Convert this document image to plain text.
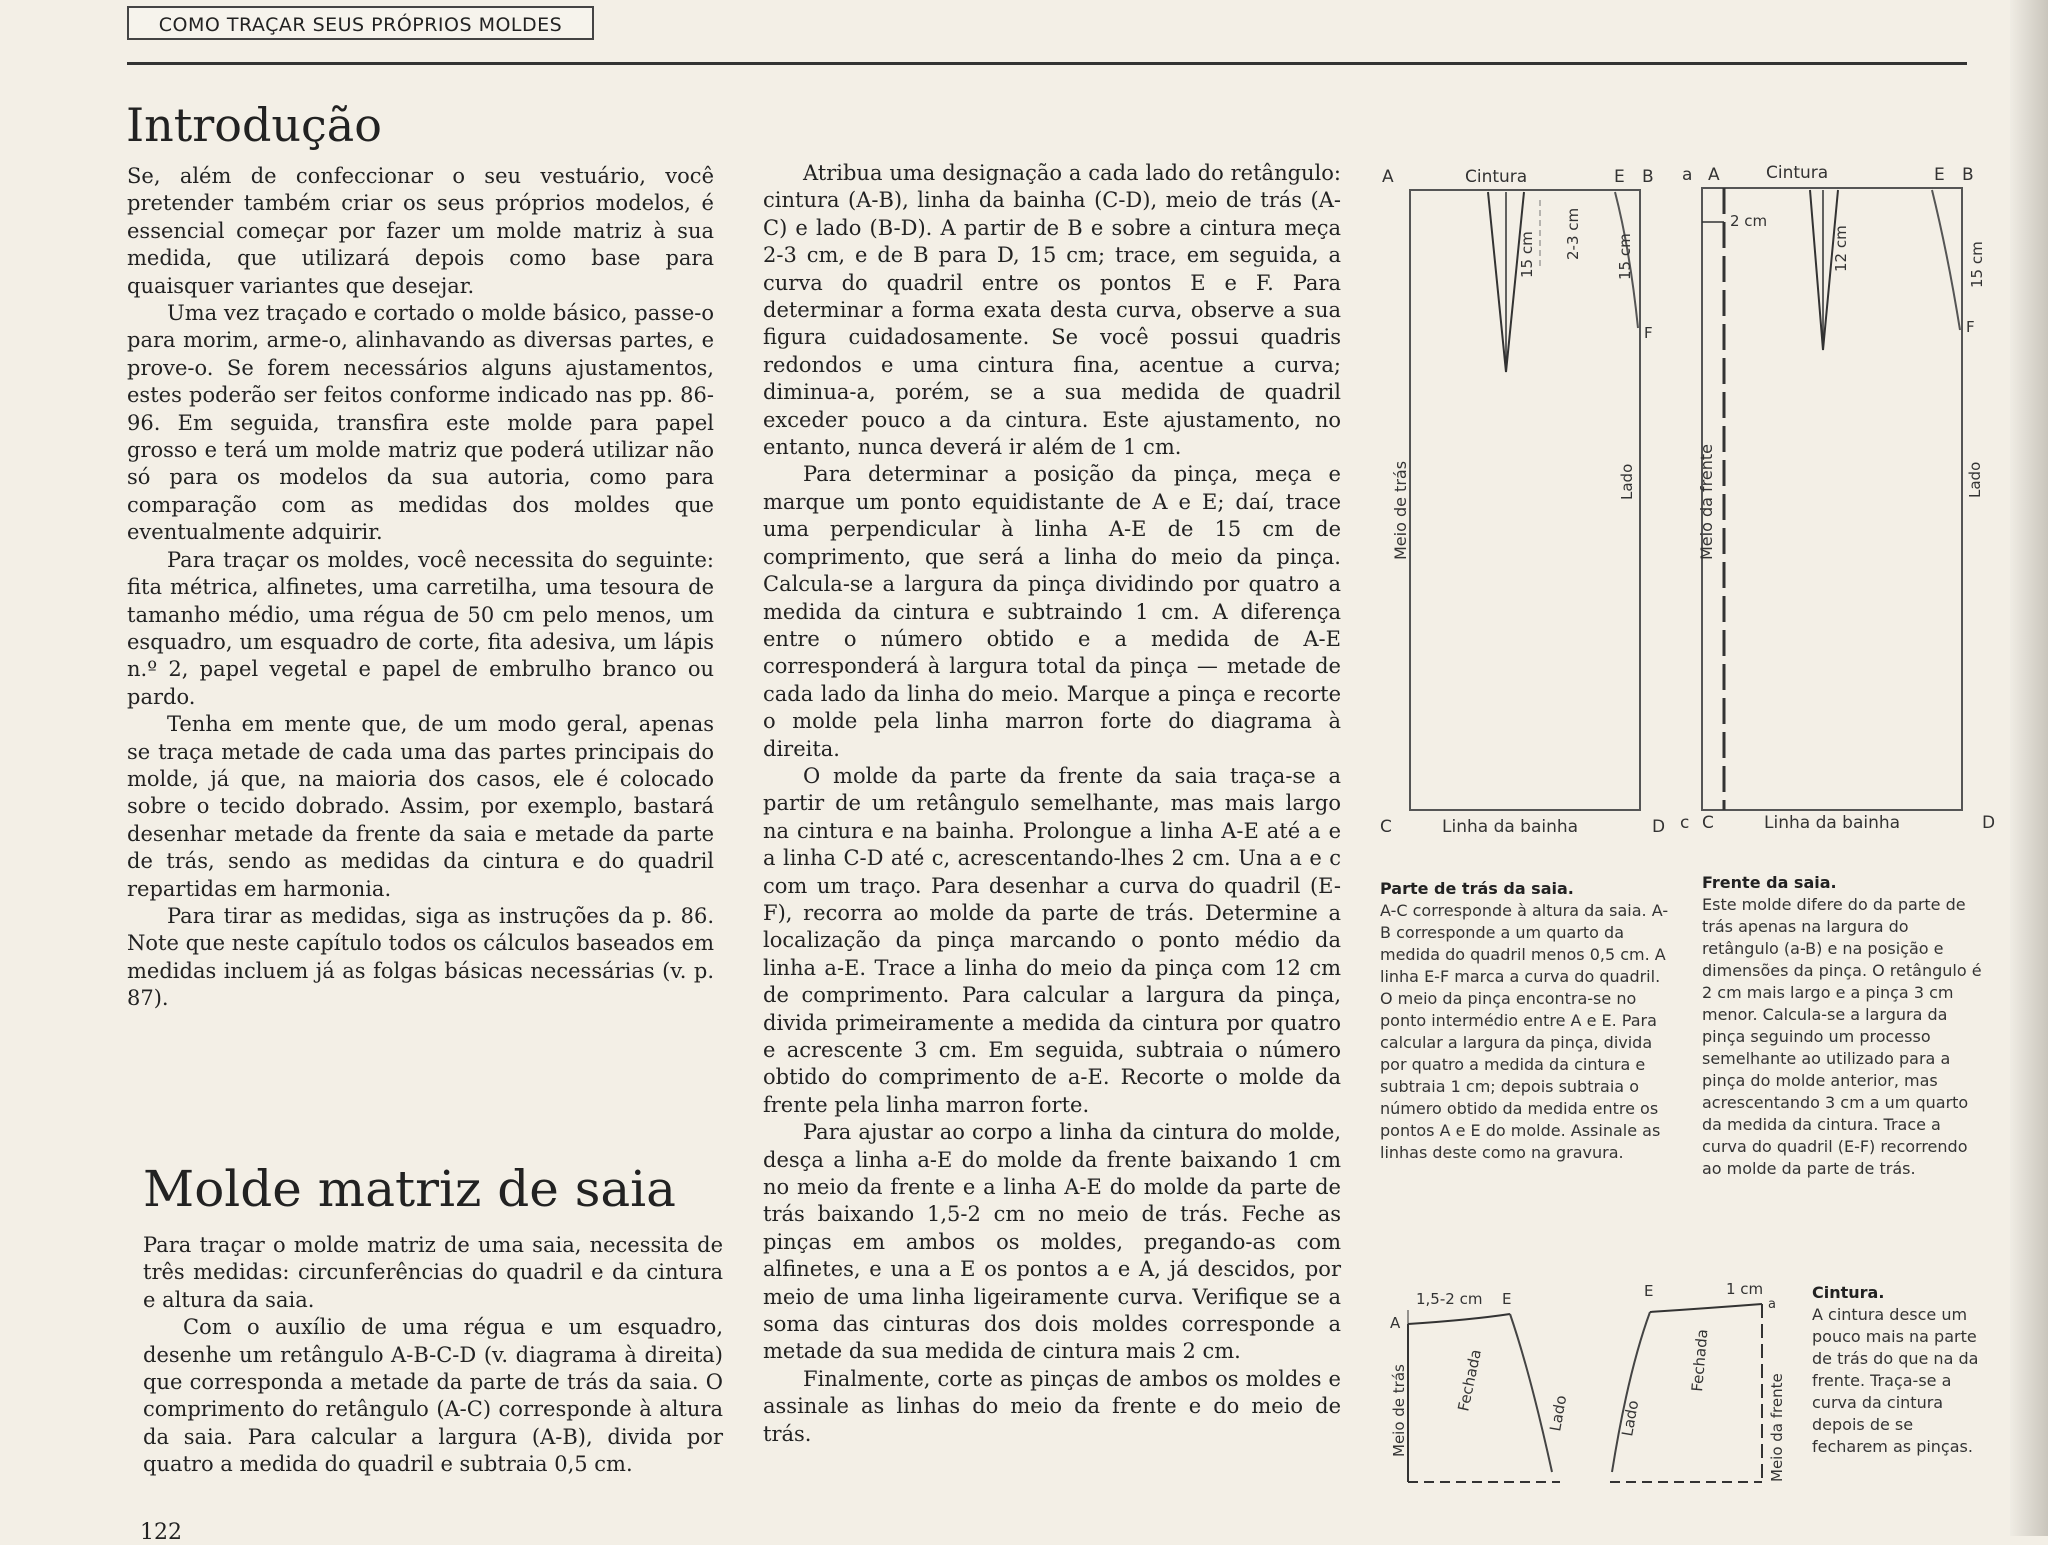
COMO TRAÇAR SEUS PRÓPRIOS MOLDES
Introdução

Se, além de confeccionar o seu vestuário, você pretender também criar os seus próprios modelos, é essencial começar por fazer um molde matriz à sua medida, que utilizará depois como base para quaisquer variantes que desejar.

Uma vez traçado e cortado o molde básico, passe-o para morim, arme-o, alinhavando as diversas partes, e prove-o. Se forem necessários alguns ajustamentos, estes poderão ser feitos conforme indicado nas pp. 86-96. Em seguida, transfira este molde para papel grosso e terá um molde matriz que poderá utilizar não só para os modelos da sua autoria, como para comparação com as medidas dos moldes que eventualmente adquirir.

Para traçar os moldes, você necessita do seguinte: fita métrica, alfinetes, uma carretilha, uma tesoura de tamanho médio, uma régua de 50 cm pelo menos, um esquadro, um esquadro de corte, fita adesiva, um lápis n.º 2, papel vegetal e papel de embrulho branco ou pardo.

Tenha em mente que, de um modo geral, apenas se traça metade de cada uma das partes principais do molde, já que, na maioria dos casos, ele é colocado sobre o tecido dobrado. Assim, por exemplo, bastará desenhar metade da frente da saia e metade da parte de trás, sendo as medidas da cintura e do quadril repartidas em harmonia.

Para tirar as medidas, siga as instruções da p. 86. Note que neste capítulo todos os cálculos baseados em medidas incluem já as folgas básicas necessárias (v. p. 87).

Molde matriz de saia

Para traçar o molde matriz de uma saia, necessita de três medidas: circunferências do quadril e da cintura e altura da saia.

Com o auxílio de uma régua e um esquadro, desenhe um retângulo A-B-C-D (v. diagrama à direita) que corresponda a metade da parte de trás da saia. O comprimento do retângulo (A-C) corresponde à altura da saia. Para calcular a largura (A-B), divida por quatro a medida do quadril e subtraia 0,5 cm.

Atribua uma designação a cada lado do retângulo: cintura (A-B), linha da bainha (C-D), meio de trás (A-C) e lado (B-D). A partir de B e sobre a cintura meça 2-3 cm, e de B para D, 15 cm; trace, em seguida, a curva do quadril entre os pontos E e F. Para determinar a forma exata desta curva, observe a sua figura cuidadosamente. Se você possui quadris redondos e uma cintura fina, acentue a curva; diminua-a, porém, se a sua medida de quadril exceder pouco a da cintura. Este ajustamento, no entanto, nunca deverá ir além de 1 cm.

Para determinar a posição da pinça, meça e marque um ponto equidistante de A e E; daí, trace uma perpendicular à linha A-E de 15 cm de comprimento, que será a linha do meio da pinça. Calcula-se a largura da pinça dividindo por quatro a medida da cintura e subtraindo 1 cm. A diferença entre o número obtido e a medida de A-E corresponderá à largura total da pinça — metade de cada lado da linha do meio. Marque a pinça e recorte o molde pela linha marron forte do diagrama à direita.

O molde da parte da frente da saia traça-se a partir de um retângulo semelhante, mas mais largo na cintura e na bainha. Prolongue a linha A-E até a e a linha C-D até c, acrescentando-lhes 2 cm. Una a e c com um traço. Para desenhar a curva do quadril (E-F), recorra ao molde da parte de trás. Determine a localização da pinça marcando o ponto médio da linha a-E. Trace a linha do meio da pinça com 12 cm de comprimento. Para calcular a largura da pinça, divida primeiramente a medida da cintura por quatro e acrescente 3 cm. Em seguida, subtraia o número obtido do comprimento de a-E. Recorte o molde da frente pela linha marron forte.

Para ajustar ao corpo a linha da cintura do molde, desça a linha a-E do molde da frente baixando 1 cm no meio da frente e a linha A-E do molde da parte de trás baixando 1,5-2 cm no meio de trás. Feche as pinças em ambos os moldes, pregando-as com alfinetes, e una a E os pontos a e A, já descidos, por meio de uma linha ligeiramente curva. Verifique se a soma das cinturas dos dois moldes corresponde a metade da sua medida de cintura mais 2 cm.

Finalmente, corte as pinças de ambos os moldes e assinale as linhas do meio da frente e do meio de trás.

A	Cintura	E B
F
C	Linha da bainha	D
15 cm 2-3 cm 15 cm
Meio de trás	Lado
a A	Cintura	E B
2 cm
F
c C	Linha da bainha	D
12 cm	15 cm
Meio da frente	Lado
Parte de trás da saia.
A-C corresponde à altura da saia. A-B corresponde a um quarto da medida do quadril menos 0,5 cm. A linha E-F marca a curva do quadril. O meio da pinça encontra-se no ponto intermédio entre A e E. Para calcular a largura da pinça, divida por quatro a medida da cintura e subtraia 1 cm; depois subtraia o número obtido da medida entre os pontos A e E do molde. Assinale as linhas deste como na gravura.
Frente da saia.
Este molde difere do da parte de trás apenas na largura do retângulo (a-B) e na posição e dimensões da pinça. O retângulo é 2 cm mais largo e a pinça 3 cm menor. Calcula-se a largura da pinça seguindo um processo semelhante ao utilizado para a pinça do molde anterior, mas acrescentando 3 cm a um quarto da medida da cintura. Trace a curva do quadril (E-F) recorrendo ao molde da parte de trás.
1,5-2 cm E
A
Meio de trás	Fechada
Lado
E	1 cm
a
Lado
Fechada
Meio da frente
Cintura.
A cintura desce um pouco mais na parte de trás do que na da frente. Traça-se a curva da cintura depois de se fecharem as pinças.
122
